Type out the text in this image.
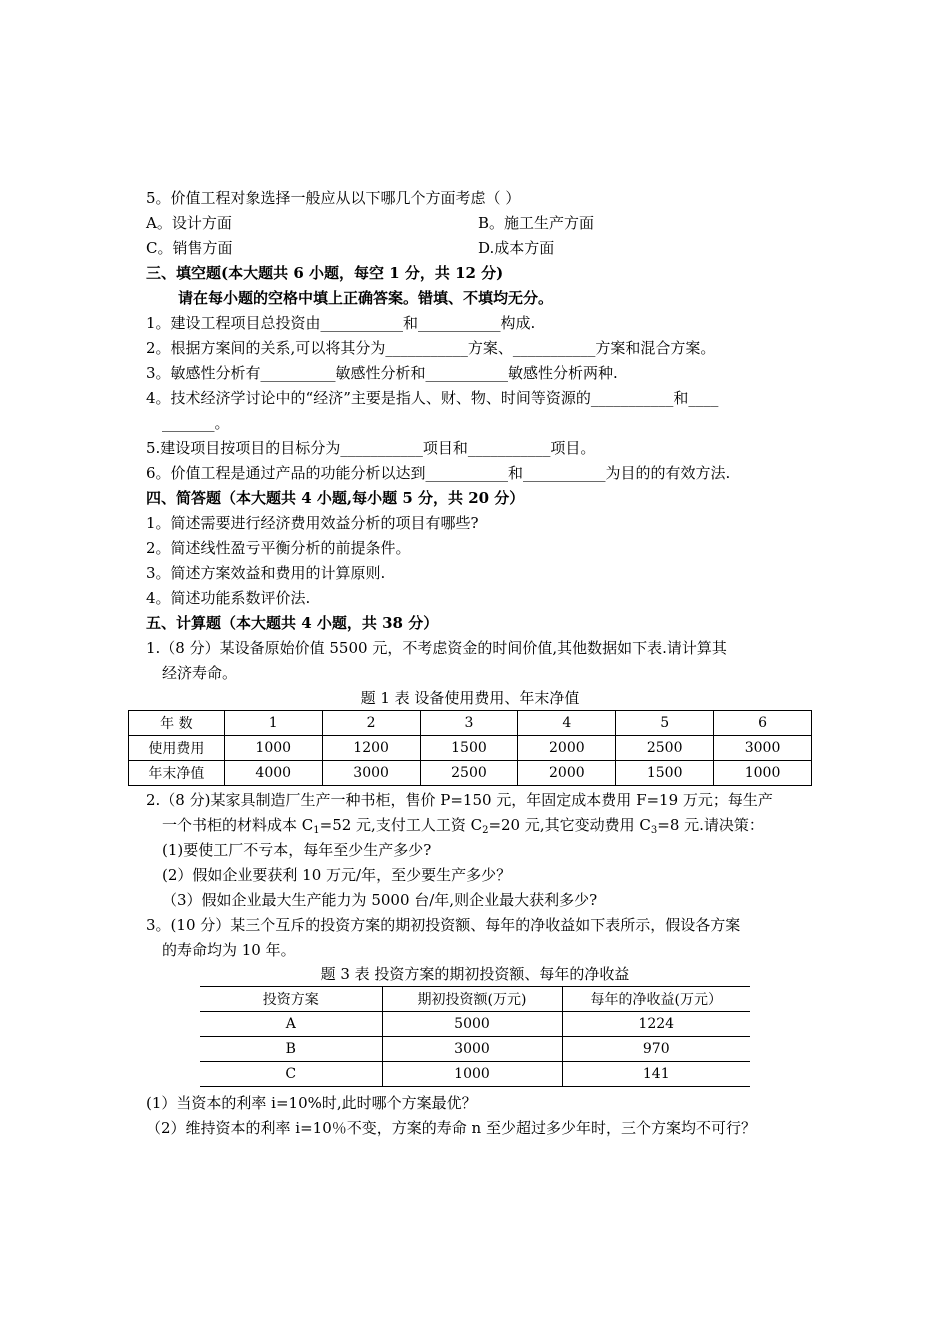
5。价值工程对象选择一般应从以下哪几个方面考虑（ ）
A。设计方面	B。施工生产方面
C。销售方面	D.成本方面
三、填空题(本大题共 6 小题，每空 1 分，共 12 分)
请在每小题的空格中填上正确答案。错填、不填均无分。
1。建设工程项目总投资由___________和___________构成.
2。根据方案间的关系,可以将其分为___________方案、___________方案和混合方案。
3。敏感性分析有__________敏感性分析和___________敏感性分析两种.
4。技术经济学讨论中的“经济”主要是指人、财、物、时间等资源的___________和____
_______。
5.建设项目按项目的目标分为___________项目和___________项目。
6。价值工程是通过产品的功能分析以达到___________和___________为目的的有效方法.
四、简答题（本大题共 4 小题,每小题 5 分，共 20 分）
1。简述需要进行经济费用效益分析的项目有哪些?
2。简述线性盈亏平衡分析的前提条件。
3。简述方案效益和费用的计算原则.
4。简述功能系数评价法.
五、计算题（本大题共 4 小题，共 38 分）
1.（8 分）某设备原始价值 5500 元，不考虑资金的时间价值,其他数据如下表.请计算其
经济寿命。
题 1 表 设备使用费用、年末净值
年 数	1	2	3	4	5	6
使用费用	1000	1200	1500	2000	2500	3000
年末净值	4000	3000	2500	2000	1500	1000
2.（8 分)某家具制造厂生产一种书柜，售价 P=150 元，年固定成本费用 F=19 万元；每生产
一个书柜的材料成本 $C_1=52$ 元,支付工人工资 $C_2=20$ 元,其它变动费用 $C_3=8$ 元.请决策：
(1)要使工厂不亏本，每年至少生产多少?
(2）假如企业要获利 10 万元/年，至少要生产多少？
（3）假如企业最大生产能力为 5000 台/年,则企业最大获利多少?
3。(10 分）某三个互斥的投资方案的期初投资额、每年的净收益如下表所示，假设各方案
的寿命均为 10 年。
题 3 表 投资方案的期初投资额、每年的净收益
投资方案	期初投资额(万元)	每年的净收益(万元）
A	5000	1224
B	3000	970
C	1000	141
(1）当资本的利率 i=10%时,此时哪个方案最优？
（2）维持资本的利率 i=10％不变，方案的寿命 n 至少超过多少年时，三个方案均不可行？
